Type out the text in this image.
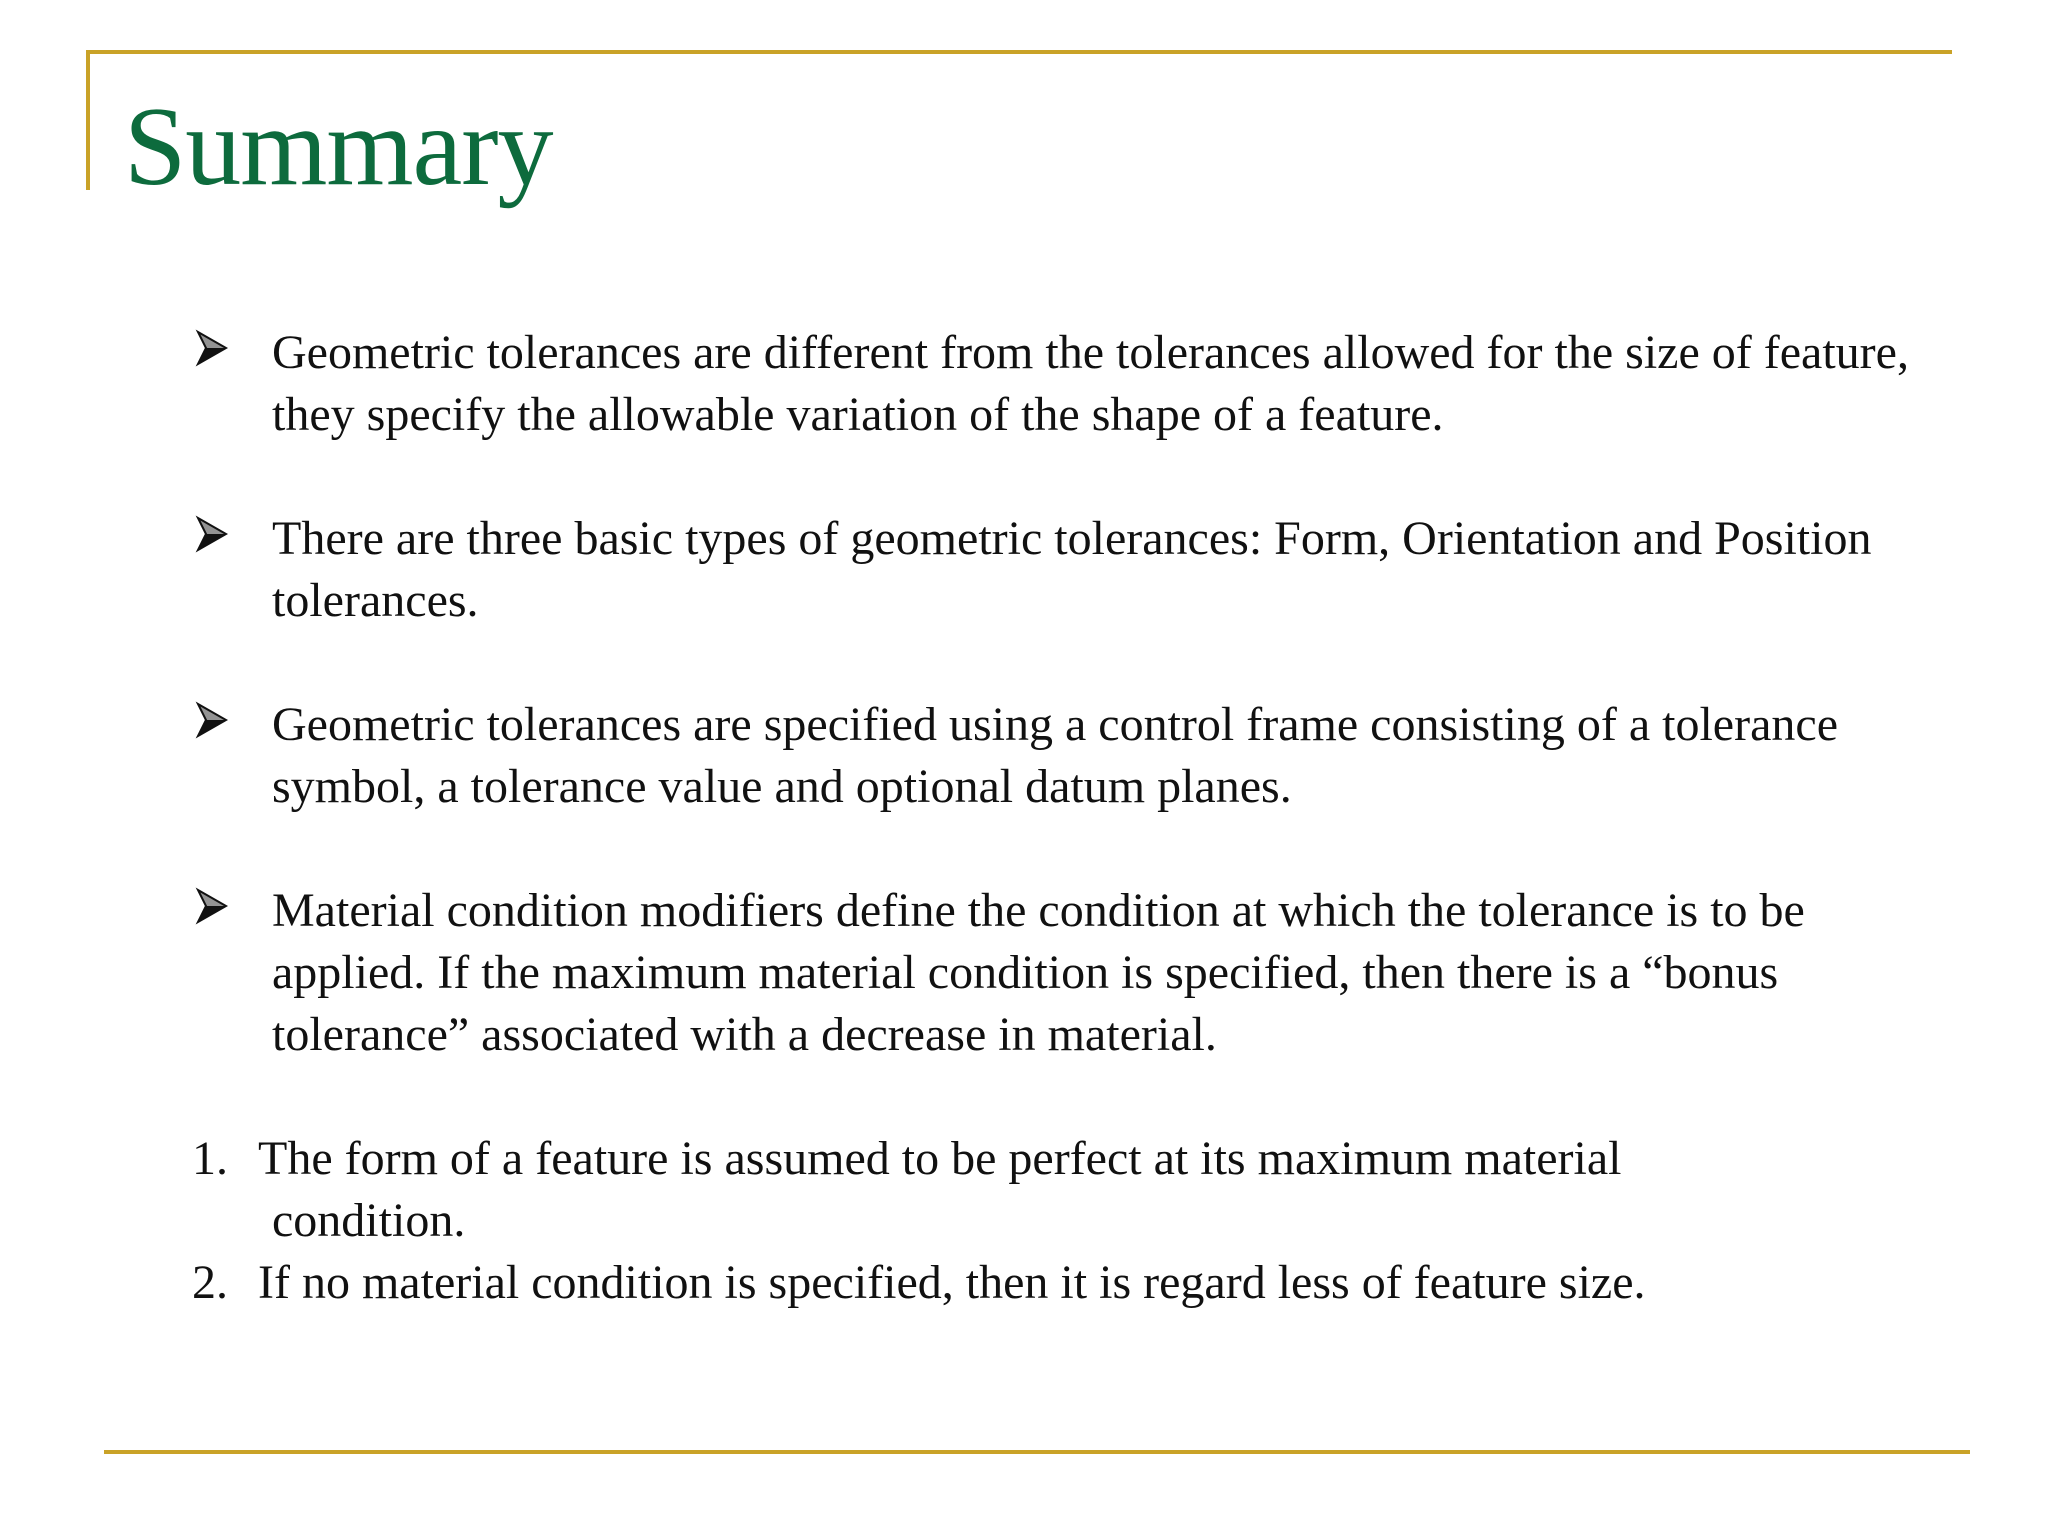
Summary
Geometric tolerances are different from the tolerances allowed for the size of feature, they specify the allowable variation of the shape of a feature.
There are three basic types of geometric tolerances: Form, Orientation and Position tolerances.
Geometric tolerances are specified using a control frame consisting of a tolerance symbol, a tolerance value and optional datum planes.
Material condition modifiers define the condition at which the tolerance is to be applied. If the maximum material condition is specified, then there is a “bonus tolerance” associated with a decrease in material.
1. The form of a feature is assumed to be perfect at its maximum material
condition.
2. If no material condition is specified, then it is regard less of feature size.
